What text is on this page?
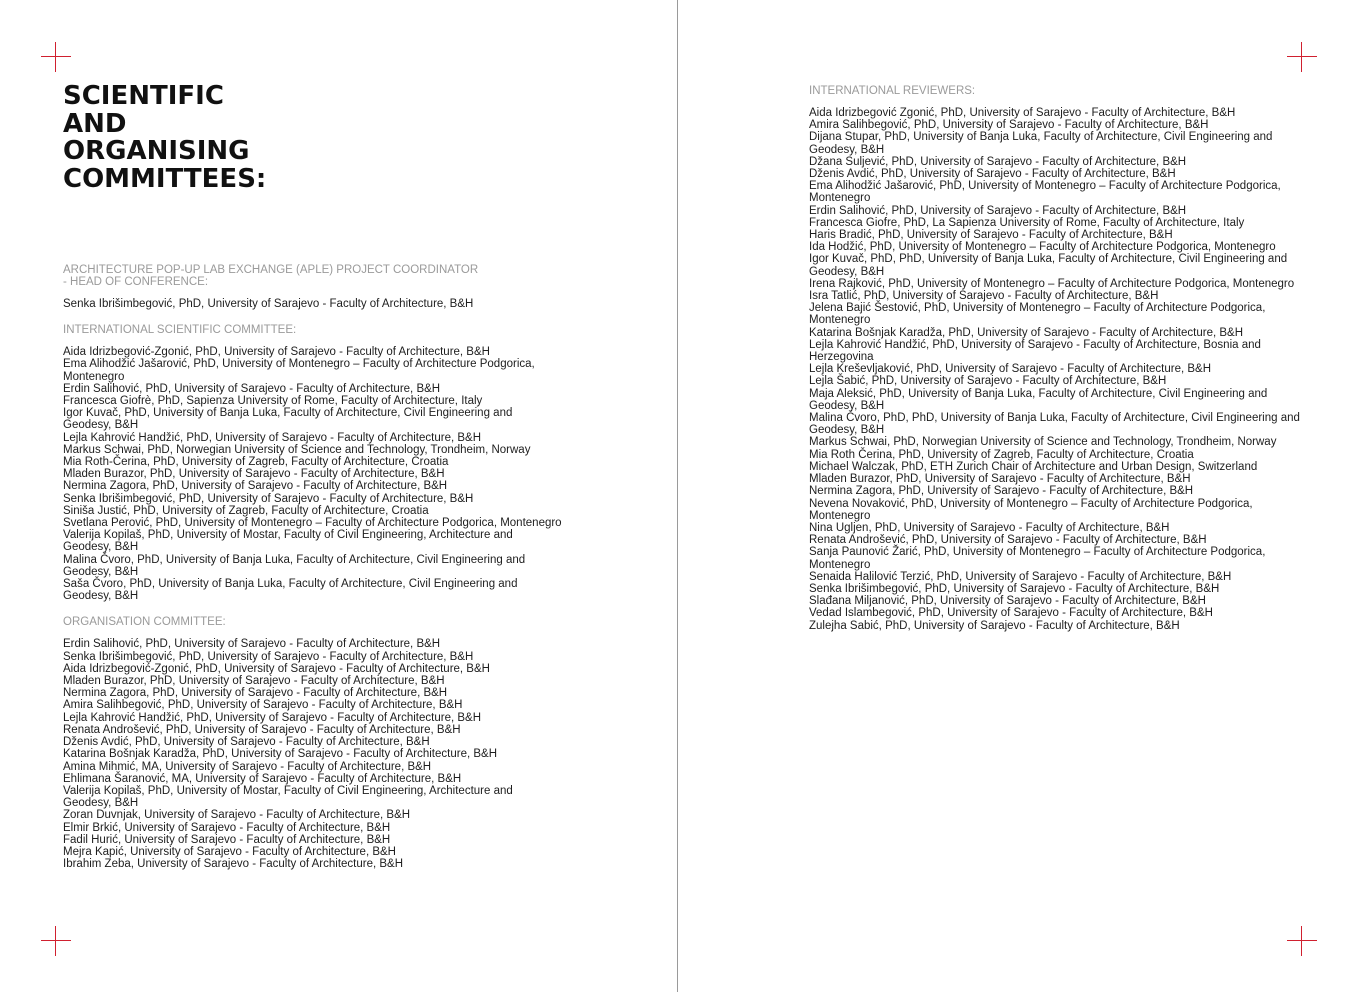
SCIENTIFIC
AND
ORGANISING
COMMITTEES:

ARCHITECTURE POP-UP LAB EXCHANGE (APLE) PROJECT COORDINATOR
- HEAD OF CONFERENCE:

Senka Ibrišimbegović, PhD, University of Sarajevo - Faculty of Architecture, B&H

INTERNATIONAL SCIENTIFIC COMMITTEE:

Aida Idrizbegović-Zgonić, PhD, University of Sarajevo - Faculty of Architecture, B&H
Ema Alihodžić Jašarović, PhD, University of Montenegro – Faculty of Architecture Podgorica, Montenegro
Erdin Salihović, PhD, University of Sarajevo - Faculty of Architecture, B&H
Francesca Giofrè, PhD, Sapienza University of Rome, Faculty of Architecture, Italy
Igor Kuvač, PhD, University of Banja Luka, Faculty of Architecture, Civil Engineering and Geodesy, B&H
Lejla Kahrović Handžić, PhD, University of Sarajevo - Faculty of Architecture, B&H
Markus Schwai, PhD, Norwegian University of Science and Technology, Trondheim, Norway
Mia Roth-Čerina, PhD, University of Zagreb, Faculty of Architecture, Croatia
Mladen Burazor, PhD, University of Sarajevo - Faculty of Architecture, B&H
Nermina Zagora, PhD, University of Sarajevo - Faculty of Architecture, B&H
Senka Ibrišimbegović, PhD, University of Sarajevo - Faculty of Architecture, B&H
Siniša Justić, PhD, University of Zagreb, Faculty of Architecture, Croatia
Svetlana Perović, PhD, University of Montenegro – Faculty of Architecture Podgorica, Montenegro
Valerija Kopilaš, PhD, University of Mostar, Faculty of Civil Engineering, Architecture and Geodesy, B&H
Malina Čvoro, PhD, University of Banja Luka, Faculty of Architecture, Civil Engineering and Geodesy, B&H
Saša Čvoro, PhD, University of Banja Luka, Faculty of Architecture, Civil Engineering and Geodesy, B&H

ORGANISATION COMMITTEE:

Erdin Salihović, PhD, University of Sarajevo - Faculty of Architecture, B&H
Senka Ibrišimbegović, PhD, University of Sarajevo - Faculty of Architecture, B&H
Aida Idrizbegović-Zgonić, PhD, University of Sarajevo - Faculty of Architecture, B&H
Mladen Burazor, PhD, University of Sarajevo - Faculty of Architecture, B&H
Nermina Zagora, PhD, University of Sarajevo - Faculty of Architecture, B&H
Amira Salihbegović, PhD, University of Sarajevo - Faculty of Architecture, B&H
Lejla Kahrović Handžić, PhD, University of Sarajevo - Faculty of Architecture, B&H
Renata Androšević, PhD, University of Sarajevo - Faculty of Architecture, B&H
Dženis Avdić, PhD, University of Sarajevo - Faculty of Architecture, B&H
Katarina Bošnjak Karadža, PhD, University of Sarajevo - Faculty of Architecture, B&H
Amina Mihmić, MA, University of Sarajevo - Faculty of Architecture, B&H
Ehlimana Šaranović, MA, University of Sarajevo - Faculty of Architecture, B&H
Valerija Kopilaš, PhD, University of Mostar, Faculty of Civil Engineering, Architecture and Geodesy, B&H
Zoran Duvnjak, University of Sarajevo - Faculty of Architecture, B&H
Elmir Brkić, University of Sarajevo - Faculty of Architecture, B&H
Fadil Hurić, University of Sarajevo - Faculty of Architecture, B&H
Mejra Kapić, University of Sarajevo - Faculty of Architecture, B&H
Ibrahim Zeba, University of Sarajevo - Faculty of Architecture, B&H

INTERNATIONAL REVIEWERS:

Aida Idrizbegović Zgonić, PhD, University of Sarajevo - Faculty of Architecture, B&H
Amira Salihbegović, PhD, University of Sarajevo - Faculty of Architecture, B&H
Dijana Stupar, PhD, University of Banja Luka, Faculty of Architecture, Civil Engineering and Geodesy, B&H
Džana Suljević, PhD, University of Sarajevo - Faculty of Architecture, B&H
Dženis Avdić, PhD, University of Sarajevo - Faculty of Architecture, B&H
Ema Alihodžić Jašarović, PhD, University of Montenegro – Faculty of Architecture Podgorica, Montenegro
Erdin Salihović, PhD, University of Sarajevo - Faculty of Architecture, B&H
Francesca Giofre, PhD, La Sapienza University of Rome, Faculty of Architecture, Italy
Haris Bradić, PhD, University of Sarajevo - Faculty of Architecture, B&H
Ida Hodžić, PhD, University of Montenegro – Faculty of Architecture Podgorica, Montenegro
Igor Kuvač, PhD, PhD, University of Banja Luka, Faculty of Architecture, Civil Engineering and Geodesy, B&H
Irena Rajković, PhD, University of Montenegro – Faculty of Architecture Podgorica, Montenegro
Isra Tatlić, PhD, University of Sarajevo - Faculty of Architecture, B&H
Jelena Bajić Šestović, PhD, University of Montenegro – Faculty of Architecture Podgorica, Montenegro
Katarina Bošnjak Karadža, PhD, University of Sarajevo - Faculty of Architecture, B&H
Lejla Kahrović Handžić, PhD, University of Sarajevo - Faculty of Architecture, Bosnia and Herzegovina
Lejla Kreševljaković, PhD, University of Sarajevo - Faculty of Architecture, B&H
Lejla Šabić, PhD, University of Sarajevo - Faculty of Architecture, B&H
Maja Aleksić, PhD, University of Banja Luka, Faculty of Architecture, Civil Engineering and Geodesy, B&H
Malina Čvoro, PhD, PhD, University of Banja Luka, Faculty of Architecture, Civil Engineering and Geodesy, B&H
Markus Schwai, PhD, Norwegian University of Science and Technology, Trondheim, Norway
Mia Roth Čerina, PhD, University of Zagreb, Faculty of Architecture, Croatia
Michael Walczak, PhD, ETH Zurich Chair of Architecture and Urban Design, Switzerland
Mladen Burazor, PhD, University of Sarajevo - Faculty of Architecture, B&H
Nermina Zagora, PhD, University of Sarajevo - Faculty of Architecture, B&H
Nevena Novaković, PhD, University of Montenegro – Faculty of Architecture Podgorica, Montenegro
Nina Ugljen, PhD, University of Sarajevo - Faculty of Architecture, B&H
Renata Androšević, PhD, University of Sarajevo - Faculty of Architecture, B&H
Sanja Paunović Žarić, PhD, University of Montenegro – Faculty of Architecture Podgorica, Montenegro
Senaida Halilović Terzić, PhD, University of Sarajevo - Faculty of Architecture, B&H
Senka Ibrišimbegović, PhD, University of Sarajevo - Faculty of Architecture, B&H
Slađana Miljanović, PhD, University of Sarajevo - Faculty of Architecture, B&H
Vedad Islambegović, PhD, University of Sarajevo - Faculty of Architecture, B&H
Zulejha Sabić, PhD, University of Sarajevo - Faculty of Architecture, B&H
